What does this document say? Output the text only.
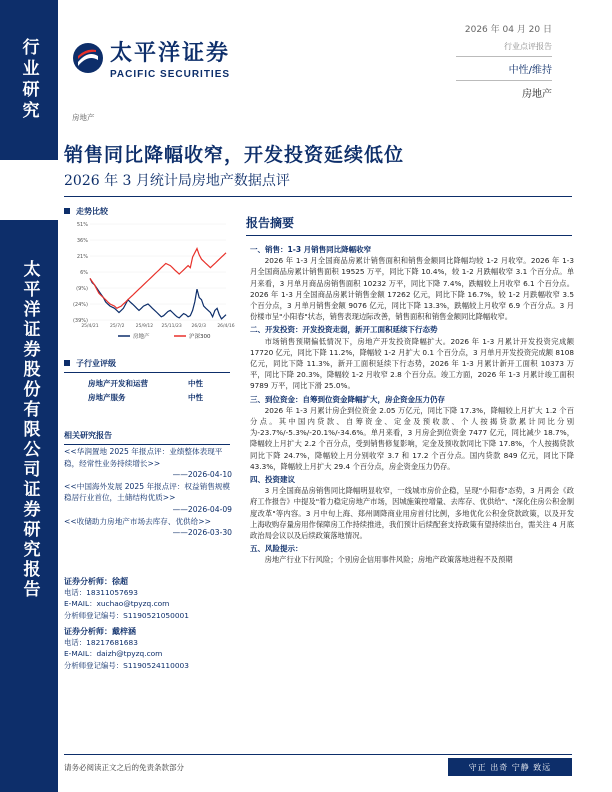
行业研究
太平洋证券股份有限公司证券研究报告
太平洋证券
PACIFIC SECURITIES
2026 年 04 月 20 日
行业点评报告
中性/维持
房地产
房地产
销售同比降幅收窄，开发投资延续低位
2026 年 3 月统计局房地产数据点评
走势比较
51%
36%
21%
6%
(9%)
(24%)
(39%)
25/4/21	25/7/2	25/9/12 25/11/23 26/2/3	26/4/16
房地产	沪深300
子行业评级
房地产开发和运营	中性
房地产服务	中性
相关研究报告
<<华润置地 2025 年报点评：业绩整体表现平稳，经常性业务持续增长>>
——2026-04-10
<<中国海外发展 2025 年报点评：权益销售规模稳居行业首位，土储结构优质>>
——2026-04-09
<<收储助力房地产市场去库存、优供给>>
——2026-03-30
证券分析师：徐超
电话：18311057693
E-MAIL：xuchao@tpyzq.com
分析师登记编号：S1190521050001
证券分析师：戴梓涵
电话：18217681683
E-MAIL：daizh@tpyzq.com
分析师登记编号：S1190524110003
报告摘要
一、销售：1-3 月销售同比降幅收窄

2026 年 1-3 月全国商品房累计销售面积和销售金额同比降幅均较 1-2 月收窄。2026 年 1-3 月全国商品房累计销售面积 19525 万平，同比下降 10.4%，较 1-2 月跌幅收窄 3.1 个百分点。单月来看，3 月单月商品房销售面积 10232 万平，同比下降 7.4%，跌幅较上月收窄 6.1 个百分点。2026 年 1-3 月全国商品房累计销售金额 17262 亿元，同比下降 16.7%，较 1-2 月跌幅收窄 3.5 个百分点，3 月单月销售金额 9076 亿元，同比下降 13.3%，跌幅较上月收窄 6.9 个百分点。3 月份楼市呈"小阳春"状态，销售表现边际改善，销售面积和销售金额同比降幅收窄。

二、开发投资：开发投资走弱，新开工面积延续下行态势

市场销售预期偏低情况下，房地产开发投资降幅扩大。2026 年 1-3 月累计开发投资完成额 17720 亿元，同比下降 11.2%，降幅较 1-2 月扩大 0.1 个百分点，3 月单月开发投资完成额 8108 亿元，同比下降 11.3%，新开工面积延续下行态势，2026 年 1-3 月累计新开工面积 10373 万平，同比下降 20.3%，降幅较 1-2 月收窄 2.8 个百分点。竣工方面，2026 年 1-3 月累计竣工面积 9789 万平，同比下滑 25.0%。

三、到位资金：自筹到位资金降幅扩大，房企资金压力仍存

2026 年 1-3 月累计房企到位资金 2.05 万亿元，同比下降 17.3%，降幅较上月扩大 1.2 个百分点。其中国内贷款、自筹资金、定金及预收款、个人按揭贷款累计同比分别为-23.7%/-5.3%/-20.1%/-34.6%。单月来看，3 月房企到位资金 7477 亿元，同比减少 18.7%，降幅较上月扩大 2.2 个百分点，受到销售修复影响，定金及预收款同比下降 17.8%，个人按揭贷款同比下降 24.7%，降幅较上月分别收窄 3.7 和 17.2 个百分点。国内贷款 849 亿元，同比下降 43.3%，降幅较上月扩大 29.4 个百分点，房企资金压力仍存。

四、投资建议

3 月全国商品房销售同比降幅明显收窄，一线城市房价企稳，呈现"小阳春"态势，3 月两会《政府工作报告》中提及"着力稳定房地产市场，因城施策控增量、去库存、优供给"、"深化住房公积金制度改革"等内容。3 月中旬上海、郑州调降商业用房首付比例，多地优化公积金贷款政策，以及开发上海收购存量房用作保障房工作持续推进，我们预计后续配套支持政策有望持续出台，需关注 4 月底政治局会议以及后续政策落地情况。

五、风险提示：

房地产行业下行风险；个别房企信用事件风险；房地产政策落地进程不及预期

请务必阅读正文之后的免责条款部分	守正 出奇 宁静 致远
